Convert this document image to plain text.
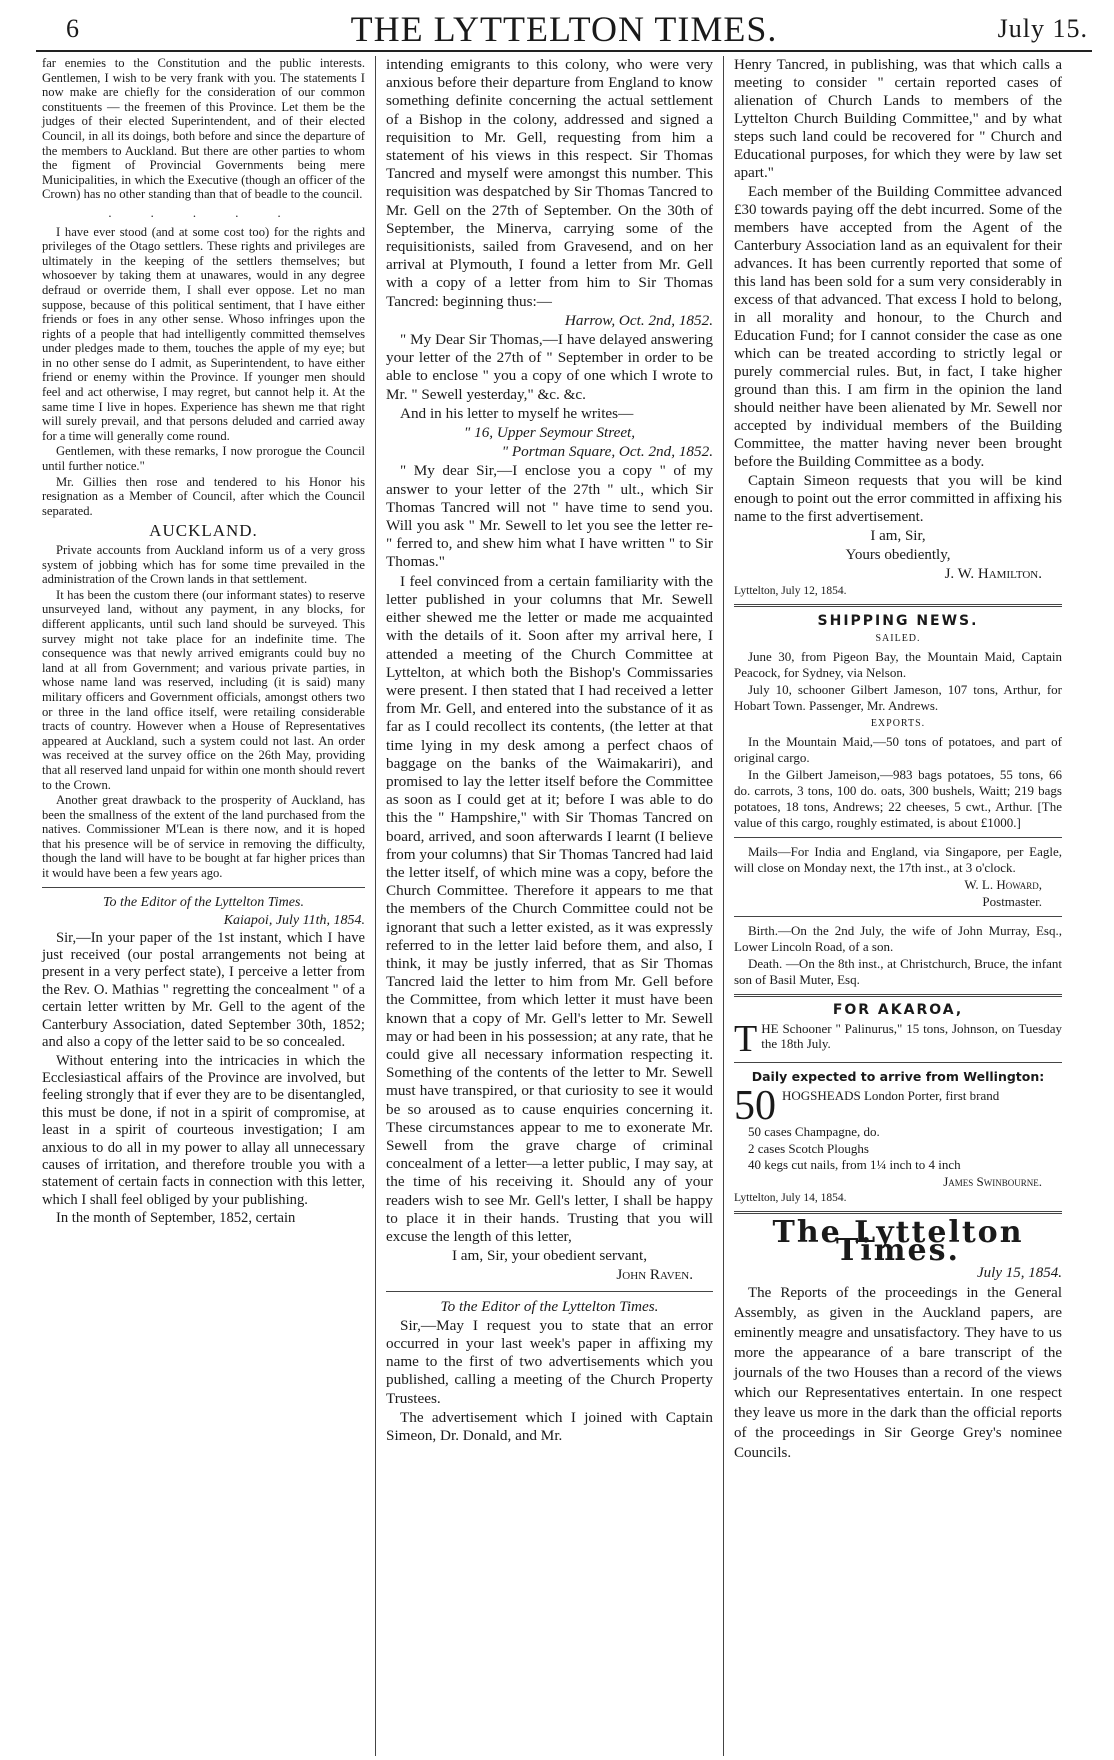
6	THE LYTTELTON TIMES.	July 15.

far enemies to the Constitution and the public interests. Gentlemen, I wish to be very frank with you. The statements I now make are chiefly for the consideration of our common constituents — the freemen of this Province. Let them be the judges of their elected Superintendent, and of their elected Council, in all its doings, both before and since the departure of the members to Auckland. But there are other parties to whom the figment of Provincial Governments being mere Municipalities, in which the Executive (though an officer of the Crown) has no other standing than that of beadle to the council.

. . . . .

I have ever stood (and at some cost too) for the rights and privileges of the Otago settlers. These rights and privileges are ultimately in the keeping of the settlers themselves; but whosoever by taking them at unawares, would in any degree defraud or override them, I shall ever oppose. Let no man suppose, because of this political sentiment, that I have either friends or foes in any other sense. Whoso infringes upon the rights of a people that had intelligently committed themselves under pledges made to them, touches the apple of my eye; but in no other sense do I admit, as Superintendent, to have either friend or enemy within the Province. If younger men should feel and act otherwise, I may regret, but cannot help it. At the same time I live in hopes. Experience has shewn me that right will surely prevail, and that persons deluded and carried away for a time will generally come round.

Gentlemen, with these remarks, I now prorogue the Council until further notice."

Mr. Gillies then rose and tendered to his Honor his resignation as a Member of Council, after which the Council separated.

AUCKLAND.

Private accounts from Auckland inform us of a very gross system of jobbing which has for some time prevailed in the administration of the Crown lands in that settlement.

It has been the custom there (our informant states) to reserve unsurveyed land, without any payment, in any blocks, for different applicants, until such land should be surveyed. This survey might not take place for an indefinite time. The consequence was that newly arrived emigrants could buy no land at all from Government; and various private parties, in whose name land was reserved, including (it is said) many military officers and Government officials, amongst others two or three in the land office itself, were retailing considerable tracts of country. However when a House of Representatives appeared at Auckland, such a system could not last. An order was received at the survey office on the 26th May, providing that all reserved land unpaid for within one month should revert to the Crown.

Another great drawback to the prosperity of Auckland, has been the smallness of the extent of the land purchased from the natives. Commissioner M'Lean is there now, and it is hoped that his presence will be of service in removing the difficulty, though the land will have to be bought at far higher prices than it would have been a few years ago.

To the Editor of the Lyttelton Times.

Kaiapoi, July 11th, 1854.

Sir,—In your paper of the 1st instant, which I have just received (our postal arrangements not being at present in a very perfect state), I perceive a letter from the Rev. O. Mathias " regretting the concealment " of a certain letter written by Mr. Gell to the agent of the Canterbury Association, dated September 30th, 1852; and also a copy of the letter said to be so concealed.

Without entering into the intricacies in which the Ecclesiastical affairs of the Province are involved, but feeling strongly that if ever they are to be disentangled, this must be done, if not in a spirit of compromise, at least in a spirit of courteous investigation; I am anxious to do all in my power to allay all unnecessary causes of irritation, and therefore trouble you with a statement of certain facts in connection with this letter, which I shall feel obliged by your publishing.

In the month of September, 1852, certain

intending emigrants to this colony, who were very anxious before their departure from England to know something definite concerning the actual settlement of a Bishop in the colony, addressed and signed a requisition to Mr. Gell, requesting from him a statement of his views in this respect. Sir Thomas Tancred and myself were amongst this number. This requisition was despatched by Sir Thomas Tancred to Mr. Gell on the 27th of September. On the 30th of September, the Minerva, carrying some of the requisitionists, sailed from Gravesend, and on her arrival at Plymouth, I found a letter from Mr. Gell with a copy of a letter from him to Sir Thomas Tancred: beginning thus:—

Harrow, Oct. 2nd, 1852.

" My Dear Sir Thomas,—I have delayed answering your letter of the 27th of " September in order to be able to enclose " you a copy of one which I wrote to Mr. " Sewell yesterday," &c. &c.

And in his letter to myself he writes—

" 16, Upper Seymour Street,

" Portman Square, Oct. 2nd, 1852.

" My dear Sir,—I enclose you a copy " of my answer to your letter of the 27th " ult., which Sir Thomas Tancred will not " have time to send you. Will you ask " Mr. Sewell to let you see the letter re- " ferred to, and shew him what I have written " to Sir Thomas."

I feel convinced from a certain familiarity with the letter published in your columns that Mr. Sewell either shewed me the letter or made me acquainted with the details of it. Soon after my arrival here, I attended a meeting of the Church Committee at Lyttelton, at which both the Bishop's Commissaries were present. I then stated that I had received a letter from Mr. Gell, and entered into the substance of it as far as I could recollect its contents, (the letter at that time lying in my desk among a perfect chaos of baggage on the banks of the Waimakariri), and promised to lay the letter itself before the Committee as soon as I could get at it; before I was able to do this the " Hampshire," with Sir Thomas Tancred on board, arrived, and soon afterwards I learnt (I believe from your columns) that Sir Thomas Tancred had laid the letter itself, of which mine was a copy, before the Church Committee. Therefore it appears to me that the members of the Church Committee could not be ignorant that such a letter existed, as it was expressly referred to in the letter laid before them, and also, I think, it may be justly inferred, that as Sir Thomas Tancred laid the letter to him from Mr. Gell before the Committee, from which letter it must have been known that a copy of Mr. Gell's letter to Mr. Sewell may or had been in his possession; at any rate, that he could give all necessary information respecting it. Something of the contents of the letter to Mr. Sewell must have transpired, or that curiosity to see it would be so aroused as to cause enquiries concerning it. These circumstances appear to me to exonerate Mr. Sewell from the grave charge of criminal concealment of a letter—a letter public, I may say, at the time of his receiving it. Should any of your readers wish to see Mr. Gell's letter, I shall be happy to place it in their hands. Trusting that you will excuse the length of this letter,

I am, Sir, your obedient servant,

John Raven.

To the Editor of the Lyttelton Times.

Sir,—May I request you to state that an error occurred in your last week's paper in affixing my name to the first of two advertisements which you published, calling a meeting of the Church Property Trustees.

The advertisement which I joined with Captain Simeon, Dr. Donald, and Mr.

Henry Tancred, in publishing, was that which calls a meeting to consider " certain reported cases of alienation of Church Lands to members of the Lyttelton Church Building Committee," and by what steps such land could be recovered for " Church and Educational purposes, for which they were by law set apart."

Each member of the Building Committee advanced £30 towards paying off the debt incurred. Some of the members have accepted from the Agent of the Canterbury Association land as an equivalent for their advances. It has been currently reported that some of this land has been sold for a sum very considerably in excess of that advanced. That excess I hold to belong, in all morality and honour, to the Church and Education Fund; for I cannot consider the case as one which can be treated according to strictly legal or purely commercial rules. But, in fact, I take higher ground than this. I am firm in the opinion the land should neither have been alienated by Mr. Sewell nor accepted by individual members of the Building Committee, the matter having never been brought before the Building Committee as a body.

Captain Simeon requests that you will be kind enough to point out the error committed in affixing his name to the first advertisement.

I am, Sir,

Yours obediently,

J. W. Hamilton.

Lyttelton, July 12, 1854.

SHIPPING NEWS.
SAILED.

June 30, from Pigeon Bay, the Mountain Maid, Captain Peacock, for Sydney, via Nelson.

July 10, schooner Gilbert Jameson, 107 tons, Arthur, for Hobart Town. Passenger, Mr. Andrews.

EXPORTS.

In the Mountain Maid,—50 tons of potatoes, and part of original cargo.

In the Gilbert Jameison,—983 bags potatoes, 55 tons, 66 do. carrots, 3 tons, 100 do. oats, 300 bushels, Waitt; 219 bags potatoes, 18 tons, Andrews; 22 cheeses, 5 cwt., Arthur. [The value of this cargo, roughly estimated, is about £1000.]

Mails—For India and England, via Singapore, per Eagle, will close on Monday next, the 17th inst., at 3 o'clock.

W. L. Howard,

Postmaster.

Birth.—On the 2nd July, the wife of John Murray, Esq., Lower Lincoln Road, of a son.

Death. —On the 8th inst., at Christchurch, Bruce, the infant son of Basil Muter, Esq.

FOR AKAROA,

THE Schooner " Palinurus," 15 tons, Johnson, on Tuesday the 18th July.

Daily expected to arrive from Wellington:

50 HOGSHEADS London Porter, first brand

50 cases Champagne, do.

2 cases Scotch Ploughs

40 kegs cut nails, from 1¼ inch to 4 inch

James Swinbourne.

Lyttelton, July 14, 1854.

The Lyttelton Times.

July 15, 1854.

The Reports of the proceedings in the General Assembly, as given in the Auckland papers, are eminently meagre and unsatisfactory. They have to us more the appearance of a bare transcript of the journals of the two Houses than a record of the views which our Representatives entertain. In one respect they leave us more in the dark than the official reports of the proceedings in Sir George Grey's nominee Councils.
